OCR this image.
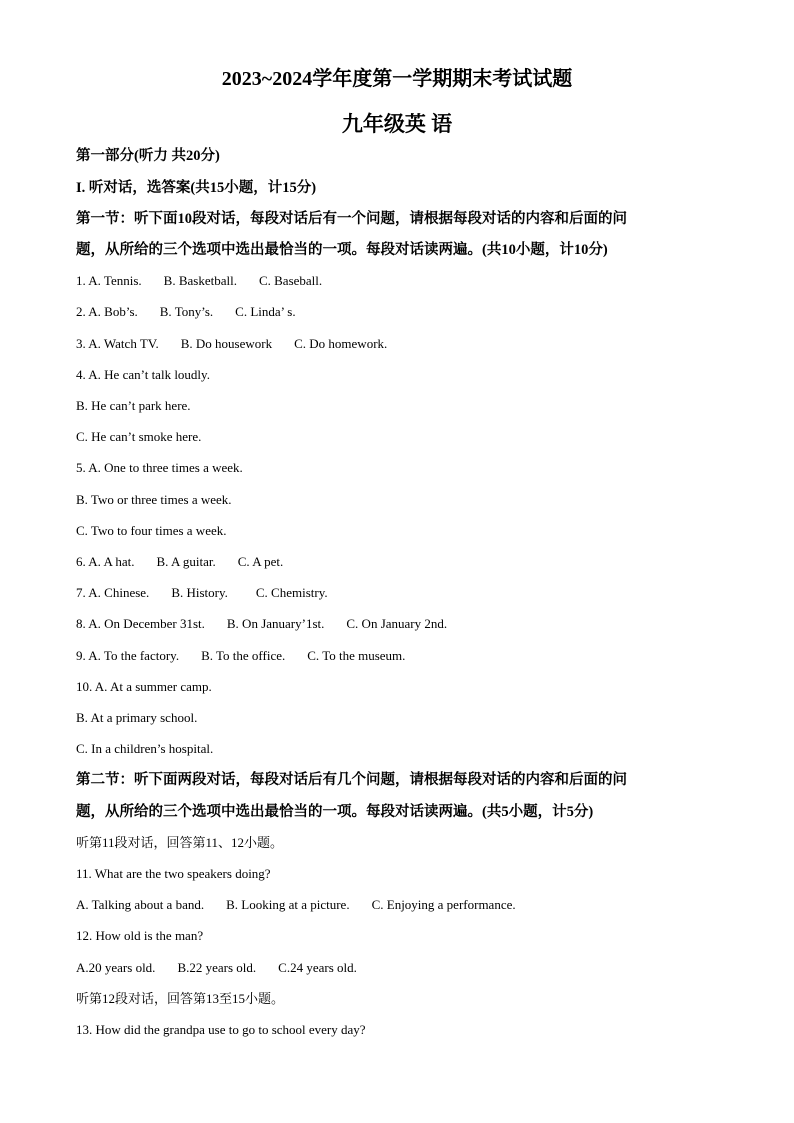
2023~2024学年度第一学期期末考试试题
九年级英 语
第一部分(听力 共20分)
I. 听对话，选答案(共15小题，计15分)
第一节：听下面10段对话，每段对话后有一个问题，请根据每段对话的内容和后面的问
题，从所给的三个选项中选出最恰当的一项。每段对话读两遍。(共10小题，计10分)
1. A. Tennis. B. Basketball. C. Baseball.
2. A. Bob’s. B. Tony’s. C. Linda’ s.
3. A. Watch TV. B. Do housework C. Do homework.
4. A. He can’t talk loudly.
B. He can’t park here.
C. He can’t smoke here.
5. A. One to three times a week.
B. Two or three times a week.
C. Two to four times a week.
6. A. A hat. B. A guitar. C. A pet.
7. A. Chinese. B. History. C. Chemistry.
8. A. On December 31st. B. On January’1st. C. On January 2nd.
9. A. To the factory. B. To the office. C. To the museum.
10. A. At a summer camp.
B. At a primary school.
C. In a children’s hospital.
第二节：听下面两段对话，每段对话后有几个问题，请根据每段对话的内容和后面的问
题，从所给的三个选项中选出最恰当的一项。每段对话读两遍。(共5小题，计5分)
听第11段对话，回答第11、12小题。
11. What are the two speakers doing?
A. Talking about a band. B. Looking at a picture. C. Enjoying a performance.
12. How old is the man?
A.20 years old. B.22 years old. C.24 years old.
听第12段对话，回答第13至15小题。
13. How did the grandpa use to go to school every day?
